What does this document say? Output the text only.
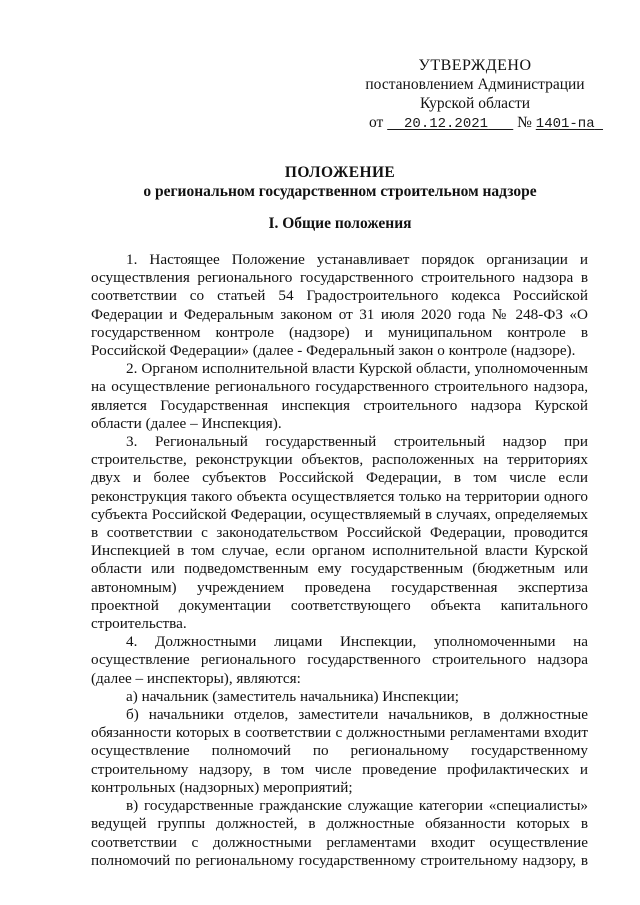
УТВЕРЖДЕНО
постановлением Администрации
Курской области
от 20.12.2021 № 1401-па
ПОЛОЖЕНИЕ
о региональном государственном строительном надзоре
I. Общие положения

1. Настоящее Положение устанавливает порядок организации и осуществления регионального государственного строительного надзора в соответствии со статьей 54 Градостроительного кодекса Российской Федерации и Федеральным законом от 31 июля 2020 года № 248-ФЗ «О государственном контроле (надзоре) и муниципальном контроле в Российской Федерации» (далее - Федеральный закон о контроле (надзоре).

2. Органом исполнительной власти Курской области, уполномоченным на осуществление регионального государственного строительного надзора, является Государственная инспекция строительного надзора Курской области (далее – Инспекция).

3. Региональный государственный строительный надзор при строительстве, реконструкции объектов, расположенных на территориях двух и более субъектов Российской Федерации, в том числе если реконструкция такого объекта осуществляется только на территории одного субъекта Российской Федерации, осуществляемый в случаях, определяемых в соответствии с законодательством Российской Федерации, проводится Инспекцией в том случае, если органом исполнительной власти Курской области или подведомственным ему государственным (бюджетным или автономным) учреждением проведена государственная экспертиза проектной документации соответствующего объекта капитального строительства.

4. Должностными лицами Инспекции, уполномоченными на осуществление регионального государственного строительного надзора (далее – инспекторы), являются:

а) начальник (заместитель начальника) Инспекции;

б) начальники отделов, заместители начальников, в должностные обязанности которых в соответствии с должностными регламентами входит осуществление полномочий по региональному государственному строительному надзору, в том числе проведение профилактических и контрольных (надзорных) мероприятий;

в) государственные гражданские служащие категории «специалисты» ведущей группы должностей, в должностные обязанности которых в соответствии с должностными регламентами входит осуществление полномочий по региональному государственному строительному надзору, в
